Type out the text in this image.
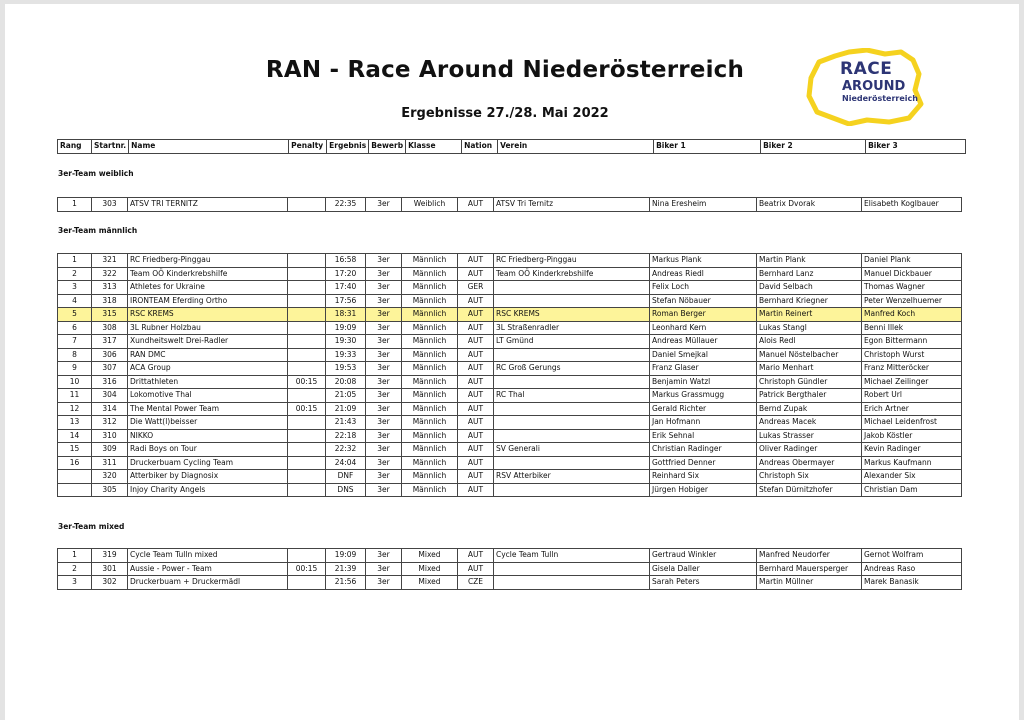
RAN - Race Around Niederösterreich
Ergebnisse 27./28. Mai 2022
RACE
AROUND
Niederösterreich
Rang	Startnr.	Name	Penalty	Ergebnis	Bewerb	Klasse	Nation	Verein	Biker 1	Biker 2	Biker 3
3er-Team weiblich
1	303	ATSV TRI TERNITZ		22:35	3er	Weiblich	AUT	ATSV Tri Ternitz	Nina Eresheim	Beatrix Dvorak	Elisabeth Koglbauer
3er-Team männlich
1	321	RC Friedberg-Pinggau		16:58	3er	Männlich	AUT	RC Friedberg-Pinggau	Markus Plank	Martin Plank	Daniel Plank
2	322	Team OÖ Kinderkrebshilfe		17:20	3er	Männlich	AUT	Team OÖ Kinderkrebshilfe	Andreas Riedl	Bernhard Lanz	Manuel Dickbauer
3	313	Athletes for Ukraine		17:40	3er	Männlich	GER		Felix Loch	David Selbach	Thomas Wagner
4	318	IRONTEAM Eferding Ortho		17:56	3er	Männlich	AUT		Stefan Nöbauer	Bernhard Kriegner	Peter Wenzelhuemer
5	315	RSC KREMS		18:31	3er	Männlich	AUT	RSC KREMS	Roman Berger	Martin Reinert	Manfred Koch
6	308	3L Rubner Holzbau		19:09	3er	Männlich	AUT	3L Straßenradler	Leonhard Kern	Lukas Stangl	Benni Illek
7	317	Xundheitswelt Drei-Radler		19:30	3er	Männlich	AUT	LT Gmünd	Andreas Müllauer	Alois Redl	Egon Bittermann
8	306	RAN DMC		19:33	3er	Männlich	AUT		Daniel Smejkal	Manuel Nöstelbacher	Christoph Wurst
9	307	ACA Group		19:53	3er	Männlich	AUT	RC Groß Gerungs	Franz Glaser	Mario Menhart	Franz Mitteröcker
10	316	Drittathleten	00:15	20:08	3er	Männlich	AUT		Benjamin Watzl	Christoph Gündler	Michael Zeilinger
11	304	Lokomotive Thal		21:05	3er	Männlich	AUT	RC Thal	Markus Grassmugg	Patrick Bergthaler	Robert Url
12	314	The Mental Power Team	00:15	21:09	3er	Männlich	AUT		Gerald Richter	Bernd Zupak	Erich Artner
13	312	Die Watt(l)beisser		21:43	3er	Männlich	AUT		Jan Hofmann	Andreas Macek	Michael Leidenfrost
14	310	NIKKO		22:18	3er	Männlich	AUT		Erik Sehnal	Lukas Strasser	Jakob Köstler
15	309	Radi Boys on Tour		22:32	3er	Männlich	AUT	SV Generali	Christian Radinger	Oliver Radinger	Kevin Radinger
16	311	Druckerbuam Cycling Team		24:04	3er	Männlich	AUT		Gottfried Denner	Andreas Obermayer	Markus Kaufmann
	320	Atterbiker by Diagnosix		DNF	3er	Männlich	AUT	RSV Atterbiker	Reinhard Six	Christoph Six	Alexander Six
	305	Injoy Charity Angels		DNS	3er	Männlich	AUT		Jürgen Hobiger	Stefan Dürnitzhofer	Christian Dam
3er-Team mixed
1	319	Cycle Team Tulln mixed		19:09	3er	Mixed	AUT	Cycle Team Tulln	Gertraud Winkler	Manfred Neudorfer	Gernot Wolfram
2	301	Aussie - Power - Team	00:15	21:39	3er	Mixed	AUT		Gisela Daller	Bernhard Mauersperger	Andreas Raso
3	302	Druckerbuam + Druckermädl		21:56	3er	Mixed	CZE		Sarah Peters	Martin Müllner	Marek Banasik
